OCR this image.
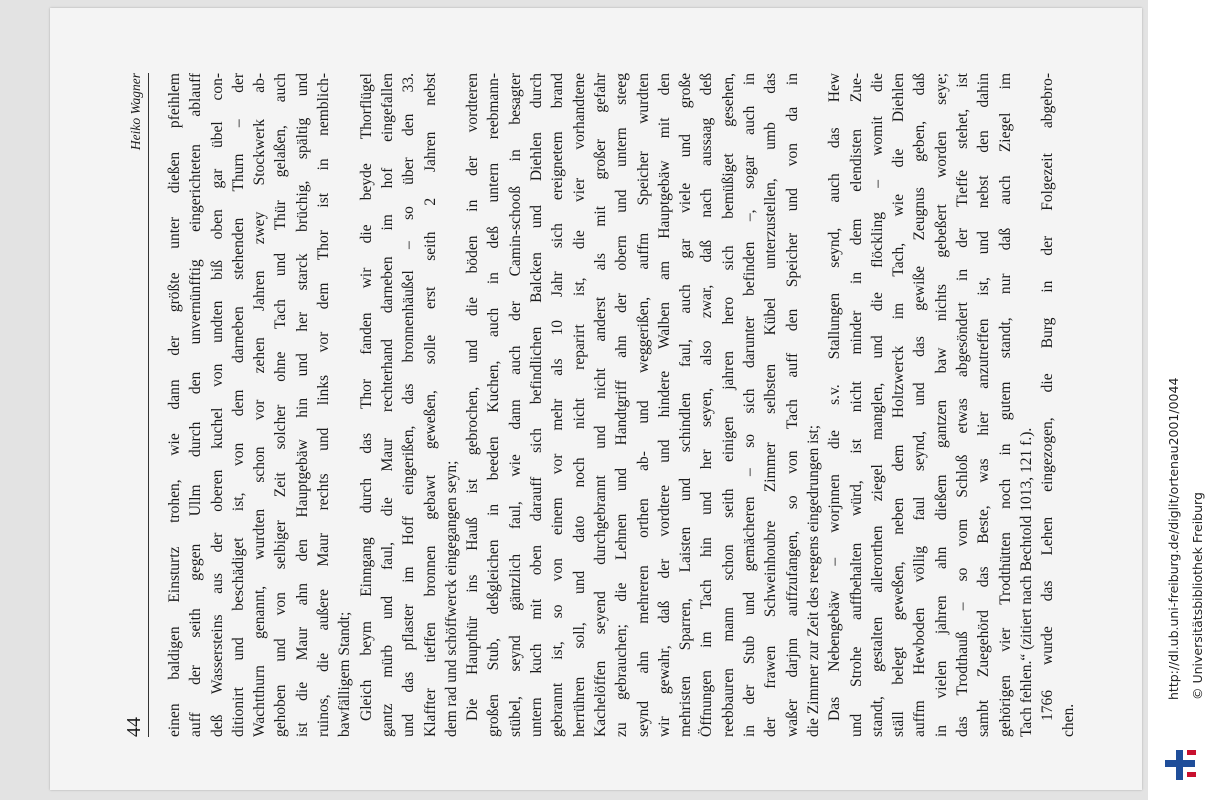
44
Heiko Wagner einen baldigen Einsturtz trohen, wie dann der größte unter dießen pfeihlem auff der seith gegen Ullm durch den unvernünfftig eingerichteten ablauff deß Wassersteins aus der oberen kuchel von undten biß oben gar übel con- ditionirt und beschädiget ist, von dem darneben stehenden Thurn – der Wachtthurn genannt, wurdten schon vor zehen Jahren zwey Stockwerk ab- gehoben und von selbiger Zeit solcher ohne Tach und Thür gelaßen, auch ist die Maur ahn den Hauptgebäw hin und her starck brüchig, spältig und ruinos, die außere Maur rechts und links vor dem Thor ist in nemblich- bawfälligem Standt; Gleich beym Einngang durch das Thor fanden wir die beyde Thorflügel gantz mürb und faul, die Maur rechterhand darneben im hof eingefallen und das pflaster im Hoff eingerißen, das bronnenhäußel – so über den 33. Klaffter tieffen bronnen gebawt geweßen, solle erst seith 2 Jahren nebst dem rad und schöffwerck eingegangen seyn; Die Haupthür ins Hauß ist gebrochen, und die böden in der vordteren großen Stub, deßgleichen in beeden Kuchen, auch in deß untern reebmann- stübel, seynd gäntzlich faul, wie dann auch der Camin-schooß in besagter untern kuch mit oben darauff sich befindlichen Balcken und Diehlen durch gebrannt ist, so von einem vor mehr als 10 Jahr sich ereignetem brand herrühren soll, und dato noch nicht reparirt ist, die vier vorhandtene Kachelöffen seyend durchgebrannt und nicht anderst als mit großer gefahr zu gebrauchen; die Lehnen und Handtgriff ahn der obern und untern steeg seynd ahn mehreren orthen ab- und weggerißen, auffm Speicher wurdten wir gewahr, daß der vordtere und hindere Walben am Hauptgebäw mit den mehristen Sparren, Laisten und schindlen faul, auch gar viele und große Öffnungen im Tach hin und her seyen, also zwar, daß nach aussaag deß reebbauren mann schon seith einigen jahren hero sich bemüßiget gesehen, in der Stub und gemächeren – so sich darunter befinden –, sogar auch in der frawen Schweinhoubre Zimmer selbsten Kübel unterzustellen, umb das waßer darjnn auffzufangen, so von Tach auff den Speicher und von da in die Zimmer zur Zeit des reegens eingedrungen ist; Das Nebengebäw – worjnnen die s.v. Stallungen seynd, auch das Hew und Strohe auffbehalten würd, ist nicht minder in dem elendisten Zue- standt, gestalten allerorthen ziegel manglen, und die flöckling – womit die ställ belegt geweßen, neben dem Holtzwerck im Tach, wie die Diehlen auffm Hewboden völlig faul seynd, und das gewiße Zeugnus geben, daß in vielen jahren ahn dießem gantzen baw nichts gebeßert worden seye; das Trodthauß – so vom Schloß etwas abgesöndert in der Tieffe stehet, ist sambt Zuegehörd das Beste, was hier anzutreffen ist, und nebst den dahin gehörigen vier Trodthütten noch in gutem standt, nur daß auch Ziegel im Tach fehlen.“ (zitiert nach Bechtold 1013, 121 f.). 1766 wurde das Lehen eingezogen, die Burg in der Folgezeit abgebro- chen.
http://dl.ub.uni-freiburg.de/diglit/ortenau2001/0044 © Universitätsbibliothek Freiburg
